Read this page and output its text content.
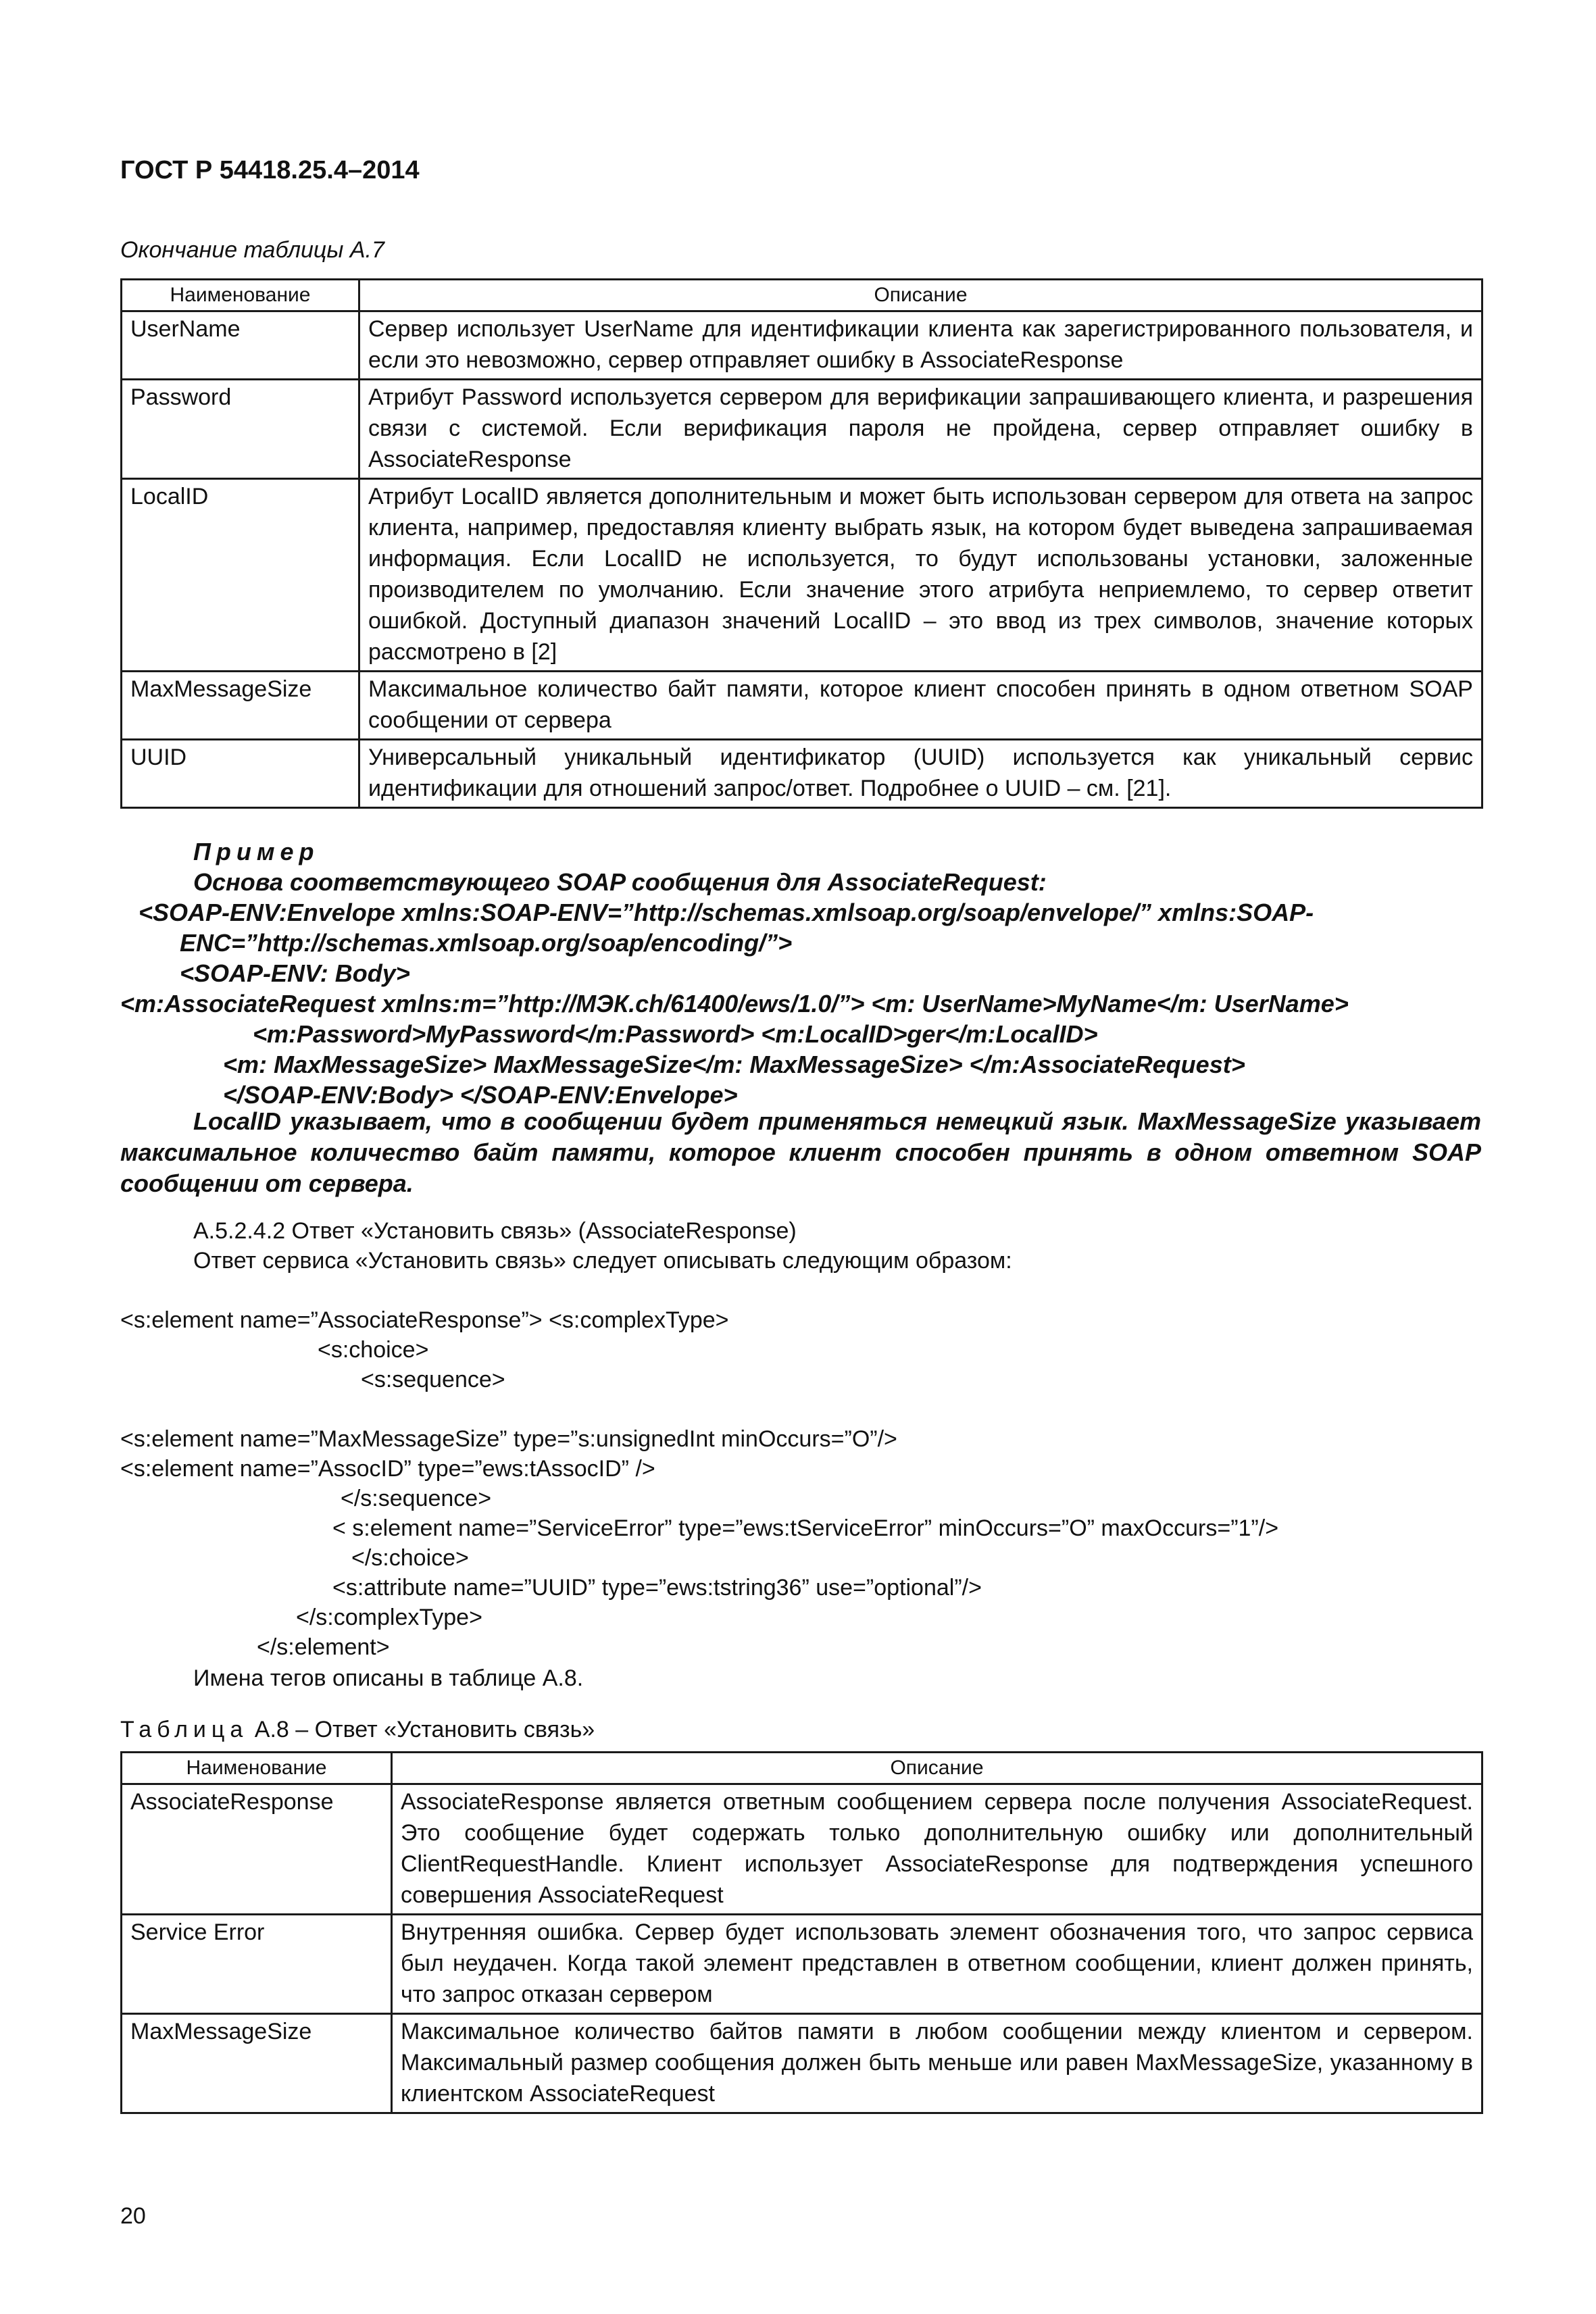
ГОСТ Р 54418.25.4–2014
Окончание таблицы А.7
Наименование	Описание
UserName	Сервер использует UserName для идентификации клиента как зарегистрированного пользователя, и если это невозможно, сервер отправляет ошибку в AssociateResponse
Password	Атрибут Password используется сервером для верификации запрашивающего клиента, и разрешения связи с системой. Если верификация пароля не пройдена, сервер отправляет ошибку в AssociateResponse
LocalID	Атрибут LocalID является дополнительным и может быть использован сервером для ответа на запрос клиента, например, предоставляя клиенту выбрать язык, на котором будет выведена запрашиваемая информация. Если LocalID не используется, то будут использованы установки, заложенные производителем по умолчанию. Если значение этого атрибута неприемлемо, то сервер ответит ошибкой. Доступный диапазон значений LocalID – это ввод из трех символов, значение которых рассмотрено в [2]
MaxMessageSize	Максимальное количество байт памяти, которое клиент способен принять в одном ответном SOAP сообщении от сервера
UUID	Универсальный уникальный идентификатор (UUID) используется как уникальный сервис идентификации для отношений запрос/ответ. Подробнее о UUID – см. [21].
Пример
Основа соответствующего SOAP сообщения для AssociateRequest:
<SOAP-ENV:Envelope xmlns:SOAP-ENV=”http://schemas.xmlsoap.org/soap/envelope/” xmlns:SOAP-
ENC=”http://schemas.xmlsoap.org/soap/encoding/”>
<SOAP-ENV: Body>
<m:AssociateRequest xmlns:m=”http://МЭК.ch/61400/ews/1.0/”> <m: UserName>MyName</m: UserName>
<m:Password>MyPassword</m:Password> <m:LocalID>ger</m:LocalID>
<m: MaxMessageSize> MaxMessageSize</m: MaxMessageSize> </m:AssociateRequest>
</SOAP-ENV:Body> </SOAP-ENV:Envelope>
LocalID указывает, что в сообщении будет применяться немецкий язык. MaxMessageSize указывает максимальное количество байт памяти, которое клиент способен принять в одном ответном SOAP сообщении от сервера.
А.5.2.4.2 Ответ «Установить связь» (AssociateResponse)
Ответ сервиса «Установить связь» следует описывать следующим образом:
<s:element name=”AssociateResponse”> <s:complexType>
<s:choice>
<s:sequence>
<s:element name=”MaxMessageSize” type=”s:unsignedInt minOccurs=”O”/>
<s:element name=”AssocID” type=”ews:tAssocID” />
</s:sequence>
< s:element name=”ServiceError” type=”ews:tServiceError” minOccurs=”O” maxOccurs=”1”/>
</s:choice>
<s:attribute name=”UUID” type=”ews:tstring36” use=”optional”/>
</s:complexType>
</s:element>
Имена тегов описаны в таблице А.8.
Таблица А.8 – Ответ «Установить связь»
Наименование	Описание
AssociateResponse	AssociateResponse является ответным сообщением сервера после получения AssociateRequest. Это сообщение будет содержать только дополнительную ошибку или дополнительный ClientRequestHandle. Клиент использует AssociateResponse для подтверждения успешного совершения AssociateRequest
Service Error	Внутренняя ошибка. Сервер будет использовать элемент обозначения того, что запрос сервиса был неудачен. Когда такой элемент представлен в ответном сообщении, клиент должен принять, что запрос отказан сервером
MaxMessageSize	Максимальное количество байтов памяти в любом сообщении между клиентом и сервером. Максимальный размер сообщения должен быть меньше или равен MaxMessageSize, указанному в клиентском AssociateRequest
20
